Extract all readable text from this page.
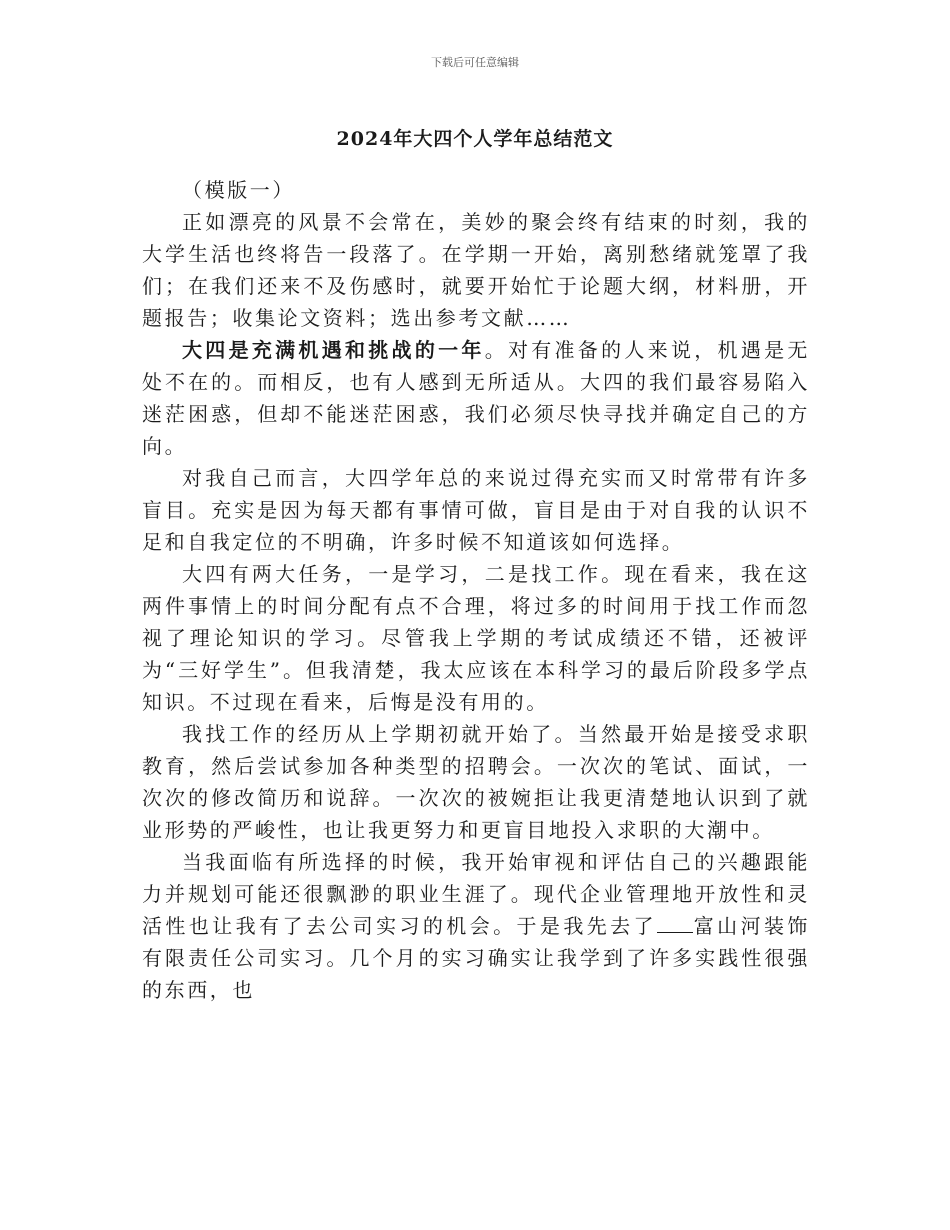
下载后可任意编辑
2024年大四个人学年总结范文

（模版一）

正如漂亮的风景不会常在，美妙的聚会终有结束的时刻，我的大学生活也终将告一段落了。在学期一开始，离别愁绪就笼罩了我们；在我们还来不及伤感时，就要开始忙于论题大纲，材料册，开题报告；收集论文资料；选出参考文献……

大四是充满机遇和挑战的一年。对有准备的人来说，机遇是无处不在的。而相反，也有人感到无所适从。大四的我们最容易陷入迷茫困惑，但却不能迷茫困惑，我们必须尽快寻找并确定自己的方向。

对我自己而言，大四学年总的来说过得充实而又时常带有许多盲目。充实是因为每天都有事情可做，盲目是由于对自我的认识不足和自我定位的不明确，许多时候不知道该如何选择。

大四有两大任务，一是学习，二是找工作。现在看来，我在这两件事情上的时间分配有点不合理，将过多的时间用于找工作而忽视了理论知识的学习。尽管我上学期的考试成绩还不错，还被评为“三好学生”。但我清楚，我太应该在本科学习的最后阶段多学点知识。不过现在看来，后悔是没有用的。

我找工作的经历从上学期初就开始了。当然最开始是接受求职教育，然后尝试参加各种类型的招聘会。一次次的笔试、面试，一次次的修改简历和说辞。一次次的被婉拒让我更清楚地认识到了就业形势的严峻性，也让我更努力和更盲目地投入求职的大潮中。

当我面临有所选择的时候，我开始审视和评估自己的兴趣跟能力并规划可能还很飘渺的职业生涯了。现代企业管理地开放性和灵活性也让我有了去公司实习的机会。于是我先去了 富山河装饰有限责任公司实习。几个月的实习确实让我学到了许多实践性很强的东西，也
